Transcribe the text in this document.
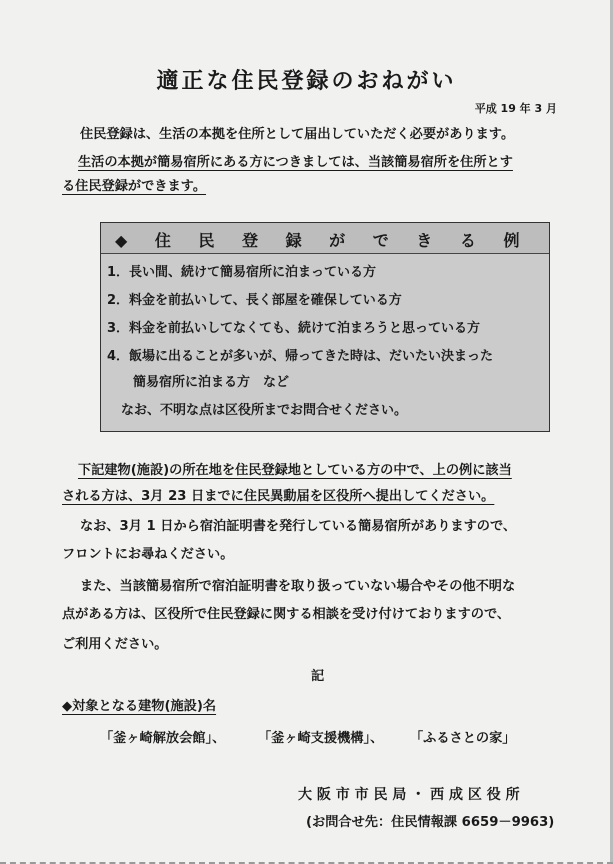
適正な住民登録のおねがい
平成 19 年 3 月
住民登録は、生活の本拠を住所として届出していただく必要があります。
生活の本拠が簡易宿所にある方につきましては、当該簡易宿所を住所とす
る住民登録ができます。
◆ 住 民 登 録 が で き る 例
1．長い間、続けて簡易宿所に泊まっている方
2．料金を前払いして、長く部屋を確保している方
3．料金を前払いしてなくても、続けて泊まろうと思っている方
4．飯場に出ることが多いが、帰ってきた時は、だいたい決まった
　　簡易宿所に泊まる方　など
なお、不明な点は区役所までお問合せください。
下記建物(施設)の所在地を住民登録地としている方の中で、上の例に該当
される方は、3月 23 日までに住民異動届を区役所へ提出してください。
なお、3月 1 日から宿泊証明書を発行している簡易宿所がありますので、
フロントにお尋ねください。
また、当該簡易宿所で宿泊証明書を取り扱っていない場合やその他不明な
点がある方は、区役所で住民登録に関する相談を受け付けておりますので、
ご利用ください。
記
◆対象となる建物(施設)名
「釜ヶ崎解放会館」、 「釜ヶ崎支援機構」、 「ふるさとの家」
大 阪 市 市 民 局 ・ 西 成 区 役 所
(お問合せ先：住民情報課 6659－9963)
